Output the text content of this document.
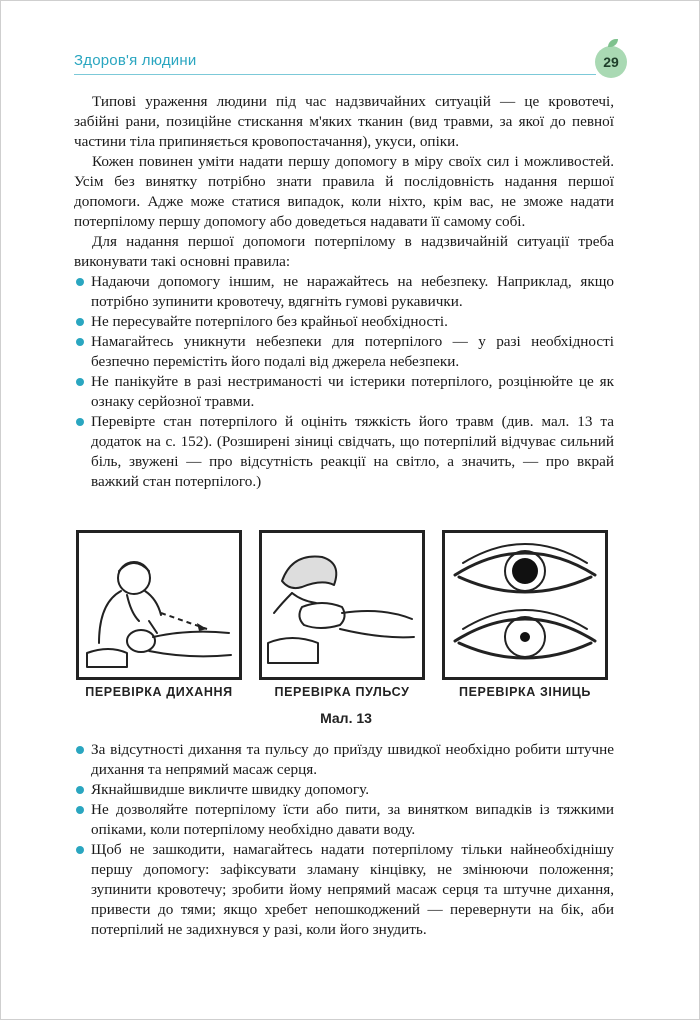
Здоров'я людини	29

Типові ураження людини під час надзвичайних ситуацій — це кровотечі, забійні рани, позиційне стискання м'яких тканин (вид травми, за якої до певної частини тіла припиняється кровопостачання), укуси, опіки.

Кожен повинен уміти надати першу допомогу в міру своїх сил і можливостей. Усім без винятку потрібно знати правила й послідовність надання першої допомоги. Адже може статися випадок, коли ніхто, крім вас, не зможе надати потерпілому першу допомогу або доведеться надавати її самому собі.

Для надання першої допомоги потерпілому в надзвичайній ситуації треба виконувати такі основні правила:

Надаючи допомогу іншим, не наражайтесь на небезпеку. Наприклад, якщо потрібно зупинити кровотечу, вдягніть гумові рукавички.
Не пересувайте потерпілого без крайньої необхідності.
Намагайтесь уникнути небезпеки для потерпілого — у разі необхідності безпечно перемістіть його подалі від джерела небезпеки.
Не панікуйте в разі нестриманості чи істерики потерпілого, розцінюйте це як ознаку серйозної травми.
Перевірте стан потерпілого й оцініть тяжкість його травм (див. мал. 13 та додаток на с. 152). (Розширені зіниці свідчать, що потерпілий відчуває сильний біль, звужені — про відсутність реакції на світло, а значить, — про вкрай важкий стан потерпілого.)
ПЕРЕВІРКА ДИХАННЯ	ПЕРЕВІРКА ПУЛЬСУ	ПЕРЕВІРКА ЗІНИЦЬ
Мал. 13
За відсутності дихання та пульсу до приїзду швидкої необхідно робити штучне дихання та непрямий масаж серця.
Якнайшвидше викличте швидку допомогу.
Не дозволяйте потерпілому їсти або пити, за винятком випадків із тяжкими опіками, коли потерпілому необхідно давати воду.
Щоб не зашкодити, намагайтесь надати потерпілому тільки найнеобхіднішу першу допомогу: зафіксувати зламану кінцівку, не змінюючи положення; зупинити кровотечу; зробити йому непрямий масаж серця та штучне дихання, привести до тями; якщо хребет непошкоджений — перевернути на бік, аби потерпілий не задихнувся у разі, коли його знудить.
